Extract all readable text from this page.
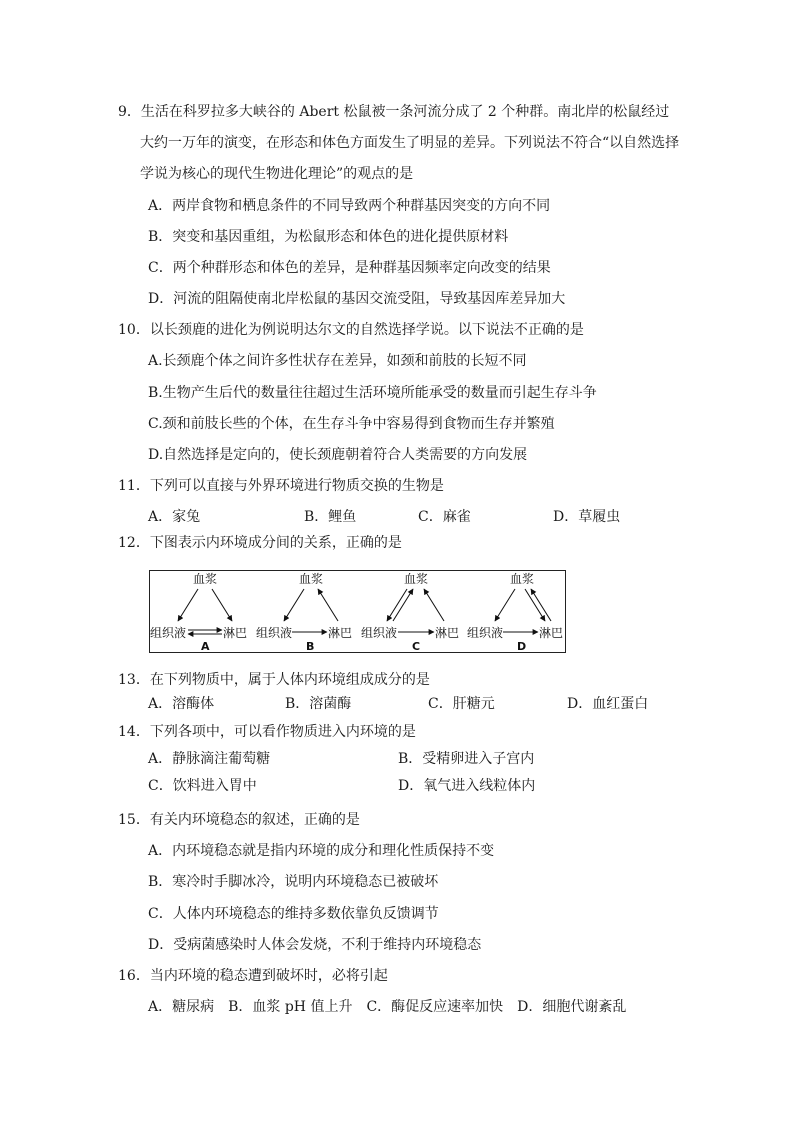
9．生活在科罗拉多大峡谷的 Abert 松鼠被一条河流分成了 2 个种群。南北岸的松鼠经过
大约一万年的演变，在形态和体色方面发生了明显的差异。下列说法不符合“以自然选择
学说为核心的现代生物进化理论”的观点的是
A．两岸食物和栖息条件的不同导致两个种群基因突变的方向不同
B．突变和基因重组，为松鼠形态和体色的进化提供原材料
C．两个种群形态和体色的差异，是种群基因频率定向改变的结果
D．河流的阻隔使南北岸松鼠的基因交流受阻，导致基因库差异加大
10．以长颈鹿的进化为例说明达尔文的自然选择学说。以下说法不正确的是
A.长颈鹿个体之间许多性状存在差异，如颈和前肢的长短不同
B.生物产生后代的数量往往超过生活环境所能承受的数量而引起生存斗争
C.颈和前肢长些的个体，在生存斗争中容易得到食物而生存并繁殖
D.自然选择是定向的，使长颈鹿朝着符合人类需要的方向发展
11．下列可以直接与外界环境进行物质交换的生物是
A．家兔	B．鲤鱼	C．麻雀	D．草履虫
12．下图表示内环境成分间的关系，正确的是
血浆
组织液	淋巴
A
血浆
组织液	淋巴
B
血浆
组织液	淋巴
C
血浆
组织液	淋巴
D
13．在下列物质中，属于人体内环境组成成分的是
A．溶酶体	B．溶菌酶	C．肝糖元	D．血红蛋白
14．下列各项中，可以看作物质进入内环境的是
A．静脉滴注葡萄糖	B．受精卵进入子宫内
C．饮料进入胃中	D．氧气进入线粒体内
15．有关内环境稳态的叙述，正确的是
A．内环境稳态就是指内环境的成分和理化性质保持不变
B．寒冷时手脚冰冷，说明内环境稳态已被破坏
C．人体内环境稳态的维持多数依靠负反馈调节
D．受病菌感染时人体会发烧，不利于维持内环境稳态
16．当内环境的稳态遭到破坏时，必将引起
A．糖尿病　B．血浆 pH 值上升　C．酶促反应速率加快　D．细胞代谢紊乱
